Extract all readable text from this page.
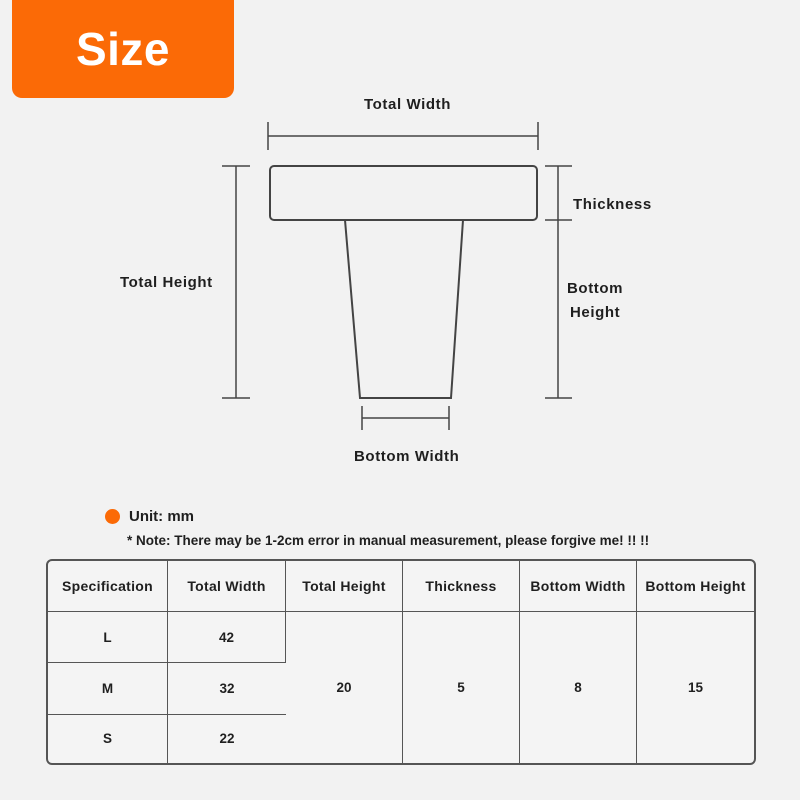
Size
Total Width
Thickness
Total Height	Bottom
Height
Bottom Width
Unit: mm
* Note: There may be 1-2cm error in manual measurement, please forgive me! !! !!
Specification	Total Width	Total Height	Thickness	Bottom Width	Bottom Height
L	42	20	5	8	15
M	32				
S	22				
